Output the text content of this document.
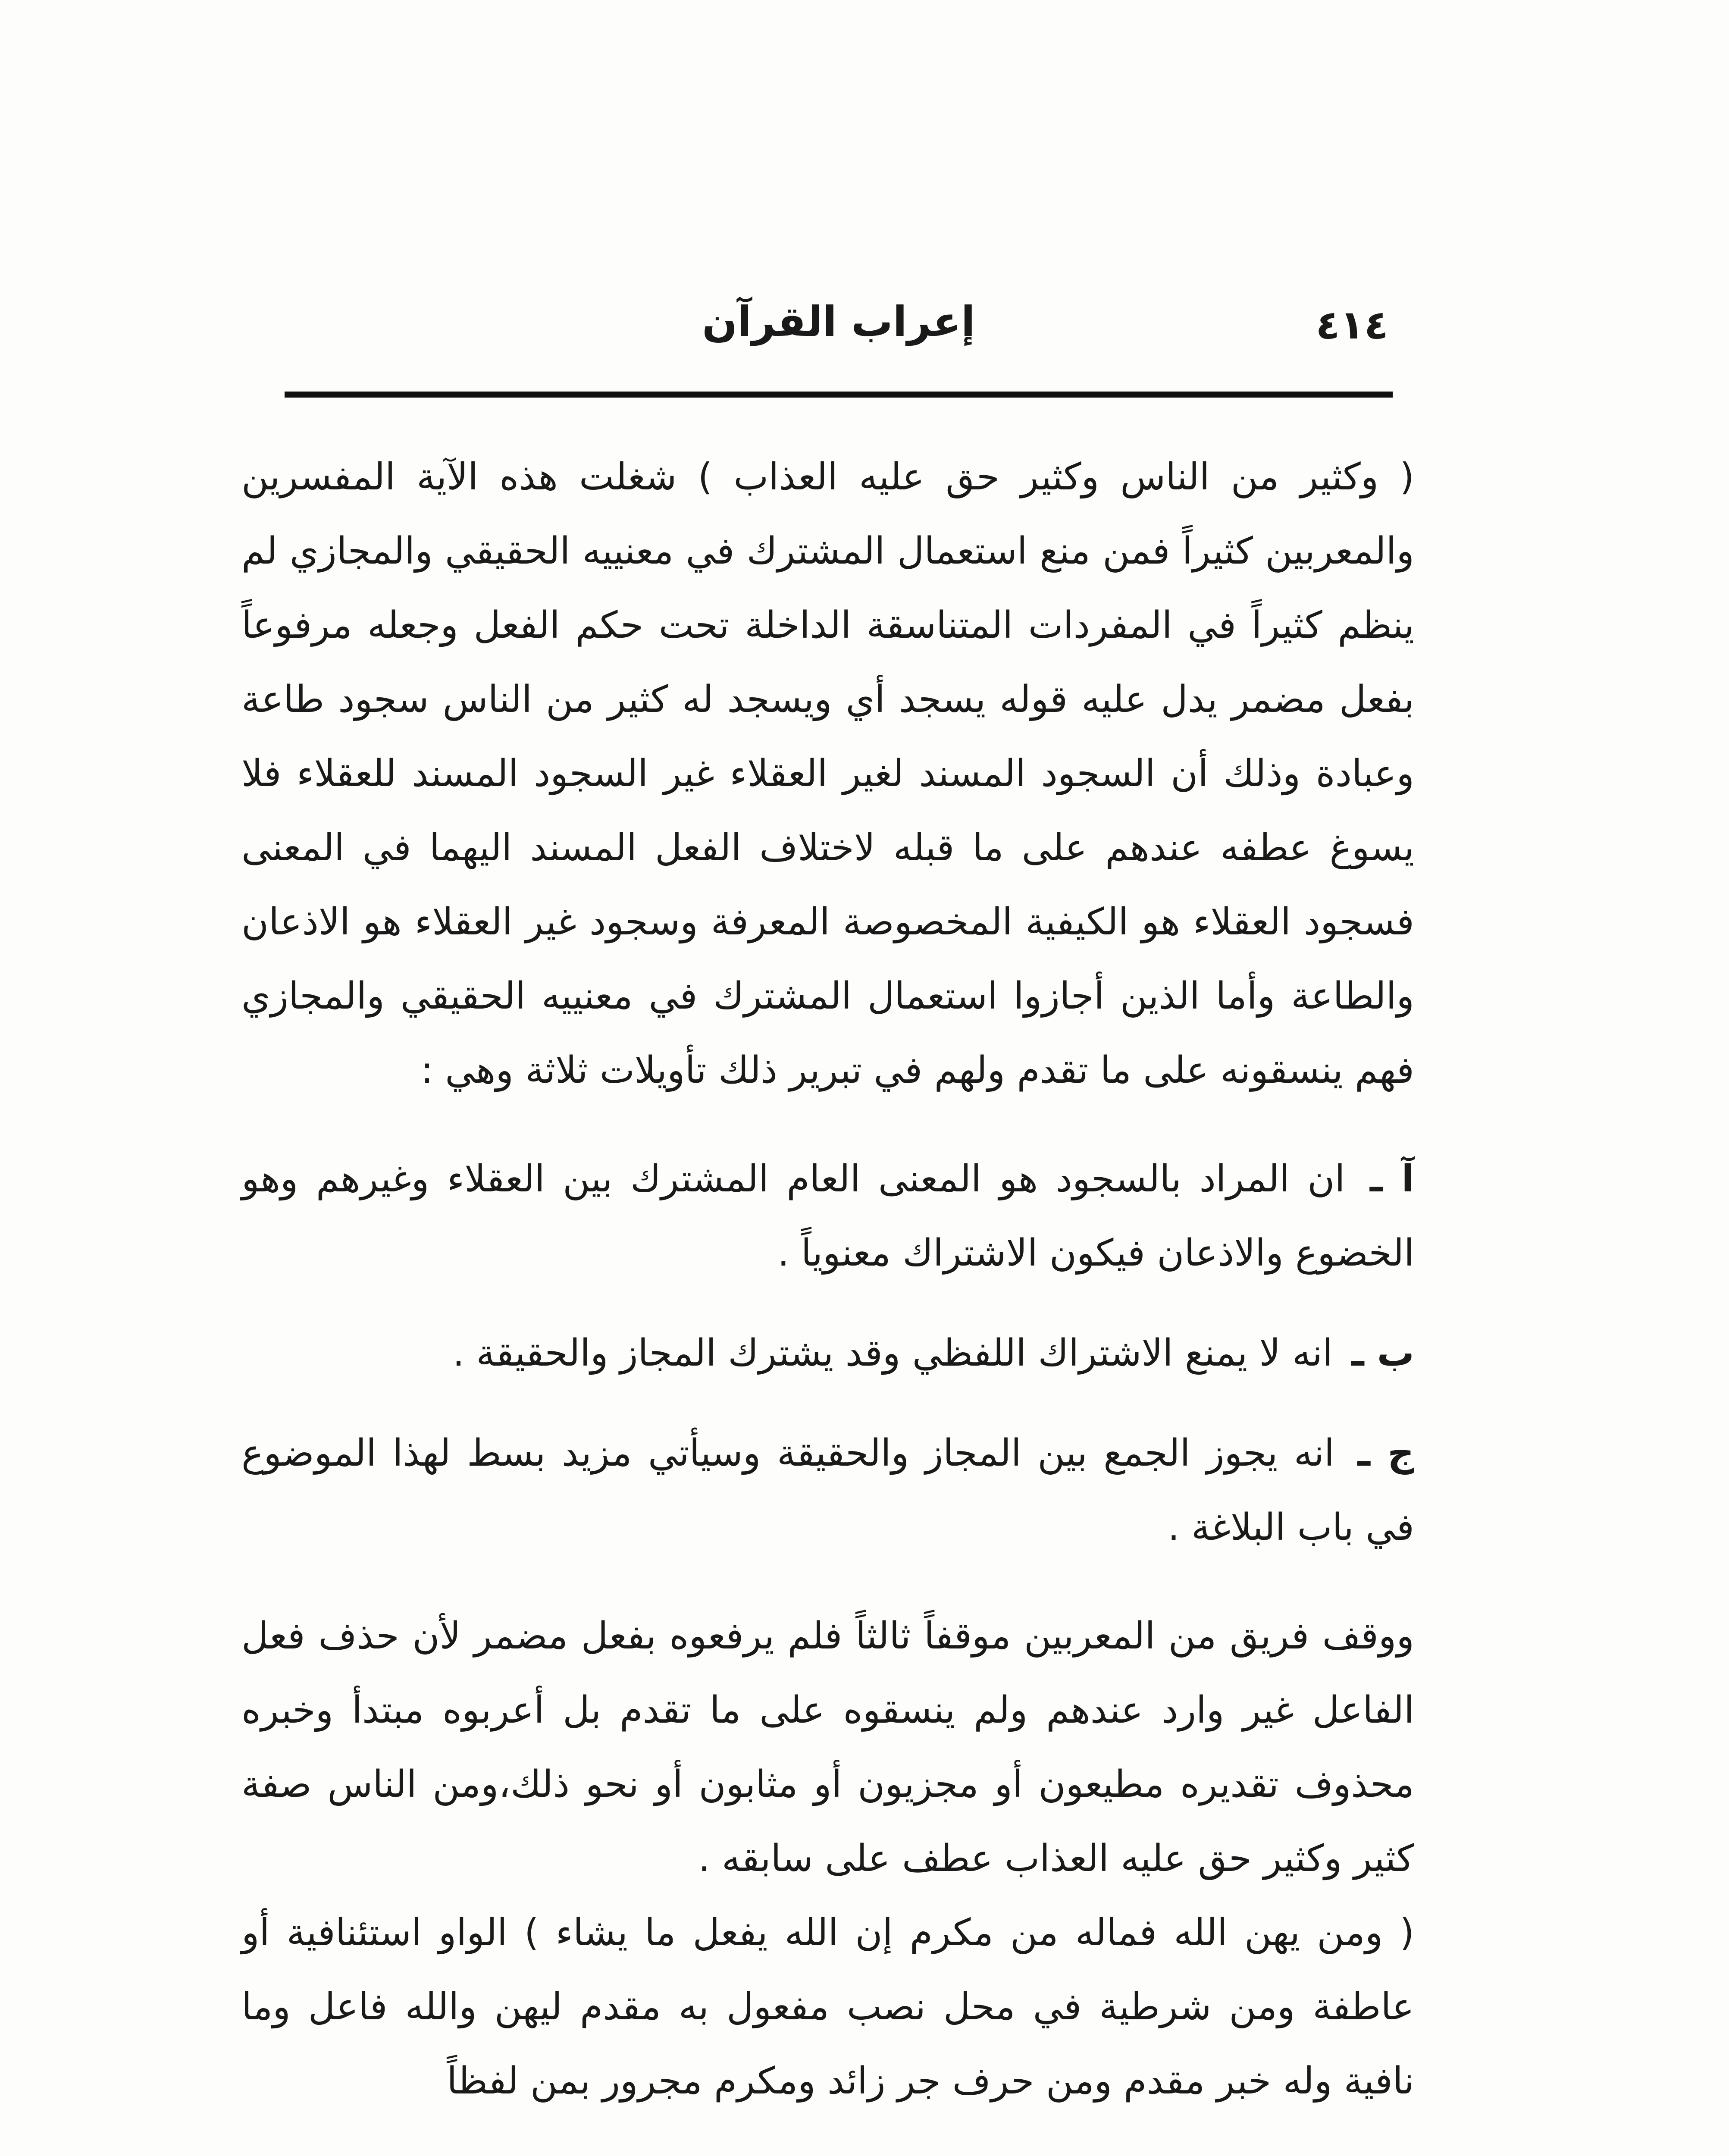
٤١٤
إعراب القرآن

( وكثير من الناس وكثير حق عليه العذاب ) شغلت هذه الآية المفسرين والمعربين كثيراً فمن منع استعمال المشترك في معنييه الحقيقي والمجازي لم ينظم كثيراً في المفردات المتناسقة الداخلة تحت حكم الفعل وجعله مرفوعاً بفعل مضمر يدل عليه قوله يسجد أي ويسجد له كثير من الناس سجود طاعة وعبادة وذلك أن السجود المسند لغير العقلاء غير السجود المسند للعقلاء فلا يسوغ عطفه عندهم على ما قبله لاختلاف الفعل المسند اليهما في المعنى فسجود العقلاء هو الكيفية المخصوصة المعرفة وسجود غير العقلاء هو الاذعان والطاعة وأما الذين أجازوا استعمال المشترك في معنييه الحقيقي والمجازي فهم ينسقونه على ما تقدم ولهم في تبرير ذلك تأويلات ثلاثة وهي :

آ ـ ان المراد بالسجود هو المعنى العام المشترك بين العقلاء وغيرهم وهو الخضوع والاذعان فيكون الاشتراك معنوياً .

ب ـ انه لا يمنع الاشتراك اللفظي وقد يشترك المجاز والحقيقة .

ج ـ انه يجوز الجمع بين المجاز والحقيقة وسيأتي مزيد بسط لهذا الموضوع في باب البلاغة .

ووقف فريق من المعربين موقفاً ثالثاً فلم يرفعوه بفعل مضمر لأن حذف فعل الفاعل غير وارد عندهم ولم ينسقوه على ما تقدم بل أعربوه مبتدأ وخبره محذوف تقديره مطيعون أو مجزيون أو مثابون أو نحو ذلك،ومن الناس صفة كثير وكثير حق عليه العذاب عطف على سابقه .

( ومن يهن الله فماله من مكرم إن الله يفعل ما يشاء ) الواو استئنافية أو عاطفة ومن شرطية في محل نصب مفعول به مقدم ليهن والله فاعل وما نافية وله خبر مقدم ومن حرف جر زائد ومكرم مجرور بمن لفظاً
